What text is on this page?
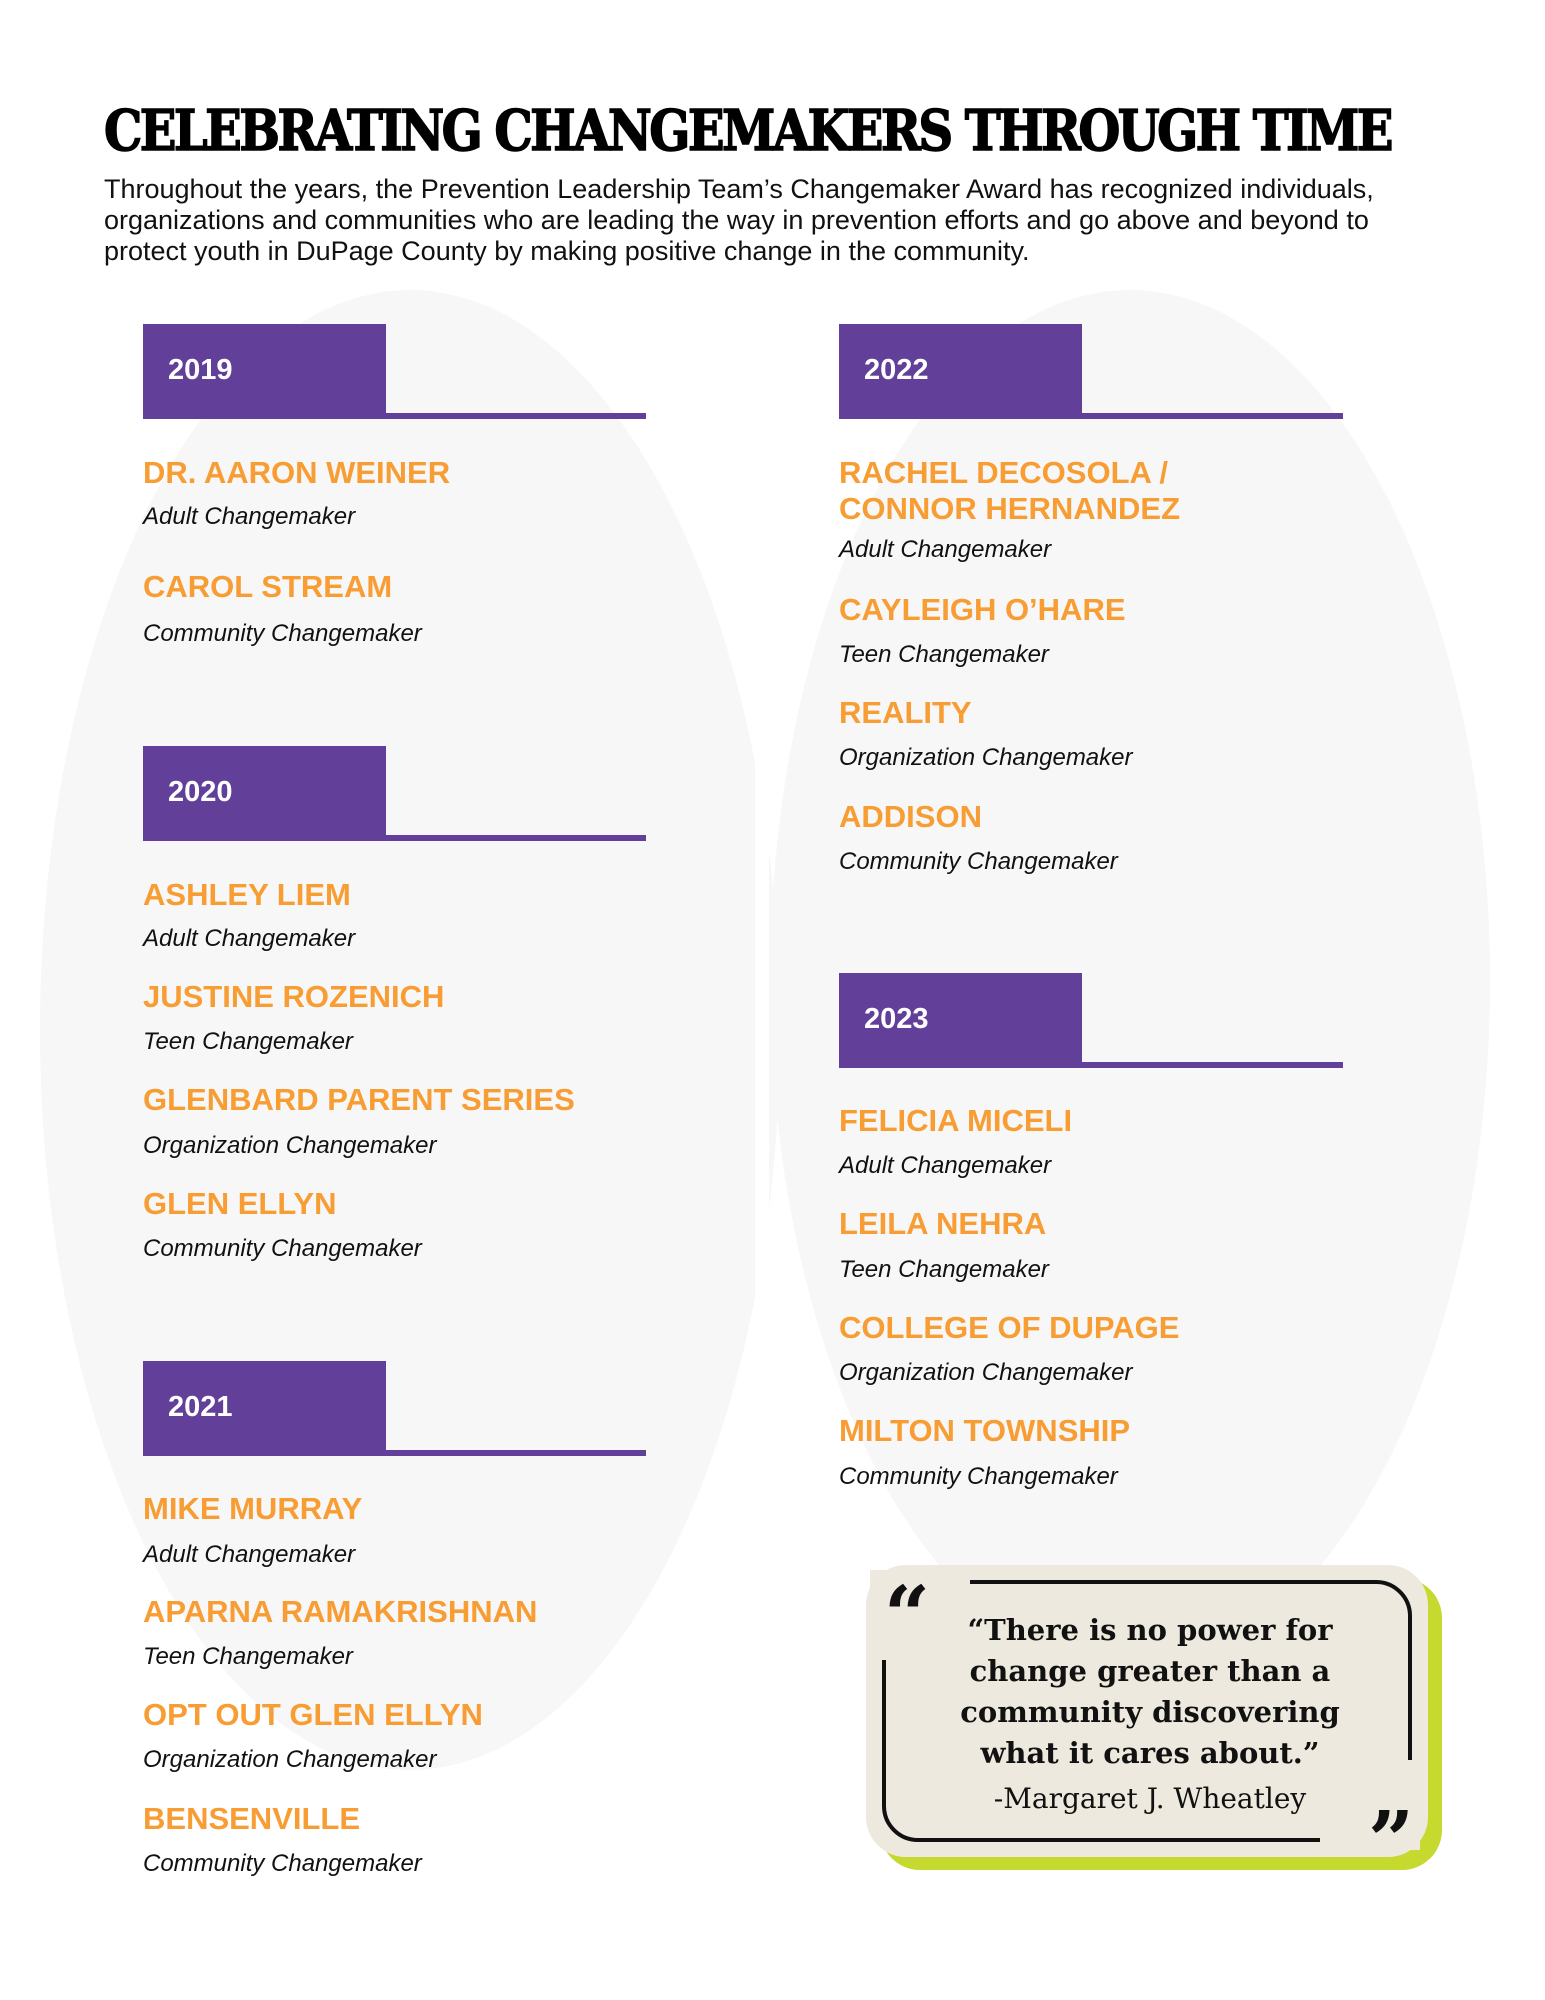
CELEBRATING CHANGEMAKERS THROUGH TIME
Throughout the years, the Prevention Leadership Team’s Changemaker Award has recognized individuals, organizations and communities who are leading the way in prevention efforts and go above and beyond to protect youth in DuPage County by making positive change in the community.
2019
DR. AARON WEINER
Adult Changemaker
CAROL STREAM
Community Changemaker
2020
ASHLEY LIEM
Adult Changemaker
JUSTINE ROZENICH
Teen Changemaker
GLENBARD PARENT SERIES
Organization Changemaker
GLEN ELLYN
Community Changemaker
2021
MIKE MURRAY
Adult Changemaker
APARNA RAMAKRISHNAN
Teen Changemaker
OPT OUT GLEN ELLYN
Organization Changemaker
BENSENVILLE
Community Changemaker
2022
RACHEL DECOSOLA /
CONNOR HERNANDEZ
Adult Changemaker
CAYLEIGH O’HARE
Teen Changemaker
REALITY
Organization Changemaker
ADDISON
Community Changemaker
2023
FELICIA MICELI
Adult Changemaker
LEILA NEHRA
Teen Changemaker
COLLEGE OF DUPAGE
Organization Changemaker
MILTON TOWNSHIP
Community Changemaker
“
”
“There is no power for change greater than a community discovering what it cares about.”
-Margaret J. Wheatley
